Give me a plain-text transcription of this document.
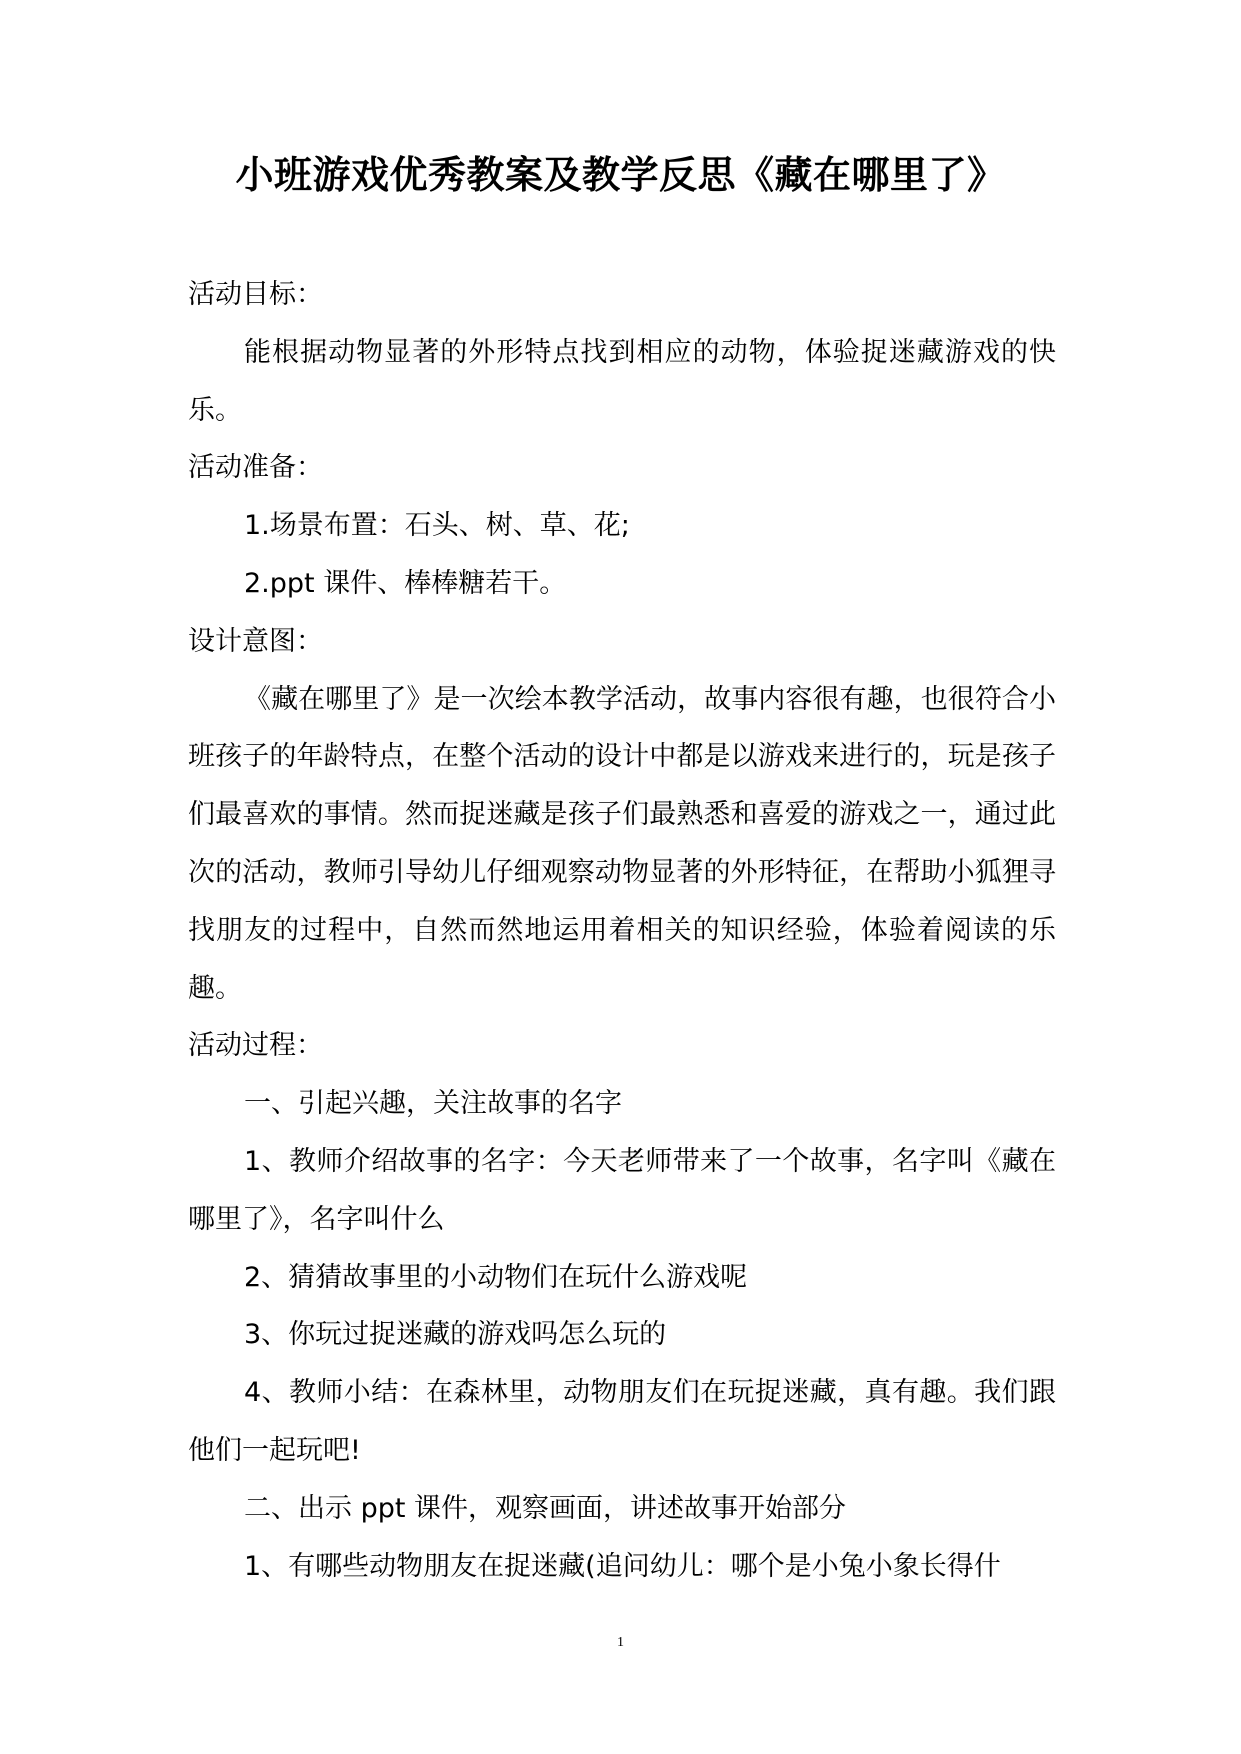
小班游戏优秀教案及教学反思《藏在哪里了》

活动目标：

能根据动物显著的外形特点找到相应的动物，体验捉迷藏游戏的快乐。

活动准备：

1.场景布置：石头、树、草、花;

2.ppt 课件、棒棒糖若干。

设计意图：

《藏在哪里了》是一次绘本教学活动，故事内容很有趣，也很符合小班孩子的年龄特点，在整个活动的设计中都是以游戏来进行的，玩是孩子们最喜欢的事情。然而捉迷藏是孩子们最熟悉和喜爱的游戏之一，通过此次的活动，教师引导幼儿仔细观察动物显著的外形特征，在帮助小狐狸寻找朋友的过程中，自然而然地运用着相关的知识经验，体验着阅读的乐趣。

活动过程：

一、引起兴趣，关注故事的名字

1、教师介绍故事的名字：今天老师带来了一个故事，名字叫《藏在哪里了》，名字叫什么

2、猜猜故事里的小动物们在玩什么游戏呢

3、你玩过捉迷藏的游戏吗怎么玩的

4、教师小结：在森林里，动物朋友们在玩捉迷藏，真有趣。我们跟他们一起玩吧!

二、出示 ppt 课件，观察画面，讲述故事开始部分

1、有哪些动物朋友在捉迷藏(追问幼儿：哪个是小兔小象长得什

1
